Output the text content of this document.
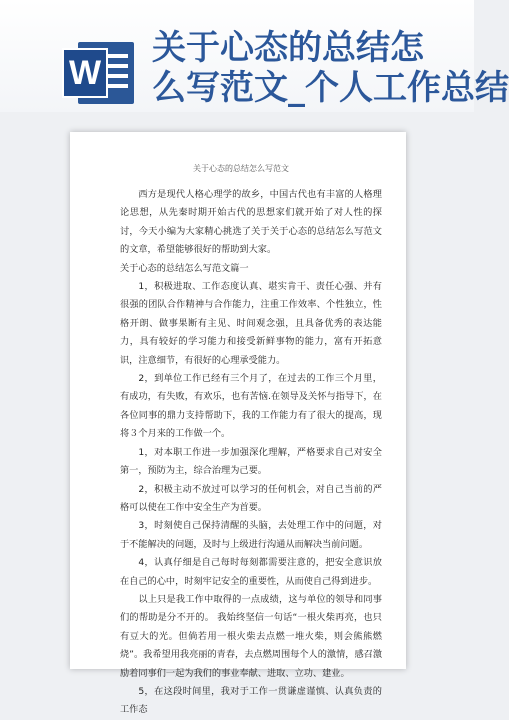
W
关于心态的总结怎
么写范文_个人工作总结
关于心态的总结怎么写范文

西方是现代人格心理学的故乡，中国古代也有丰富的人格理论思想，从先秦时期开始古代的思想家们就开始了对人性的探讨，今天小编为大家精心挑选了关于关于心态的总结怎么写范文的文章，希望能够很好的帮助到大家。

关于心态的总结怎么写范文篇一

1，积极进取、工作态度认真、堪实肯干、责任心强、并有很强的团队合作精神与合作能力，注重工作效率、个性独立，性格开朗、做事果断有主见、时间观念强，且具备优秀的表达能力，具有较好的学习能力和接受新鲜事物的能力，富有开拓意识，注意细节，有很好的心理承受能力。

2，到单位工作已经有三个月了，在过去的工作三个月里，有成功，有失败，有欢乐，也有苦恼.在领导及关怀与指导下，在各位同事的鼎力支持帮助下，我的工作能力有了很大的提高，现将３个月来的工作做一个。

1，对本职工作进一步加强深化理解，严格要求自己对安全第一，预防为主，综合治理为己要。

2，积极主动不放过可以学习的任何机会，对自己当前的严格可以使在工作中安全生产为首要。

3，时刻使自己保持清醒的头脑，去处理工作中的问题，对于不能解决的问题，及时与上级进行沟通从而解决当前问题。

4，认真仔细是自己每时每刻都需要注意的，把安全意识放在自己的心中，时刻牢记安全的重要性，从而使自己得到进步。

以上只是我工作中取得的一点成绩，这与单位的领导和同事们的帮助是分不开的。 我始终坚信一句话“一根火柴再亮，也只有豆大的光。但倘若用一根火柴去点燃一堆火柴，则会熊熊燃烧”。我希望用我亮丽的青春，去点燃周围每个人的激情，感召激励着同事们一起为我们的事业奉献、进取、立功、建业。

5，在这段时间里，我对于工作一贯谦虚谨慎、认真负责的工作态
